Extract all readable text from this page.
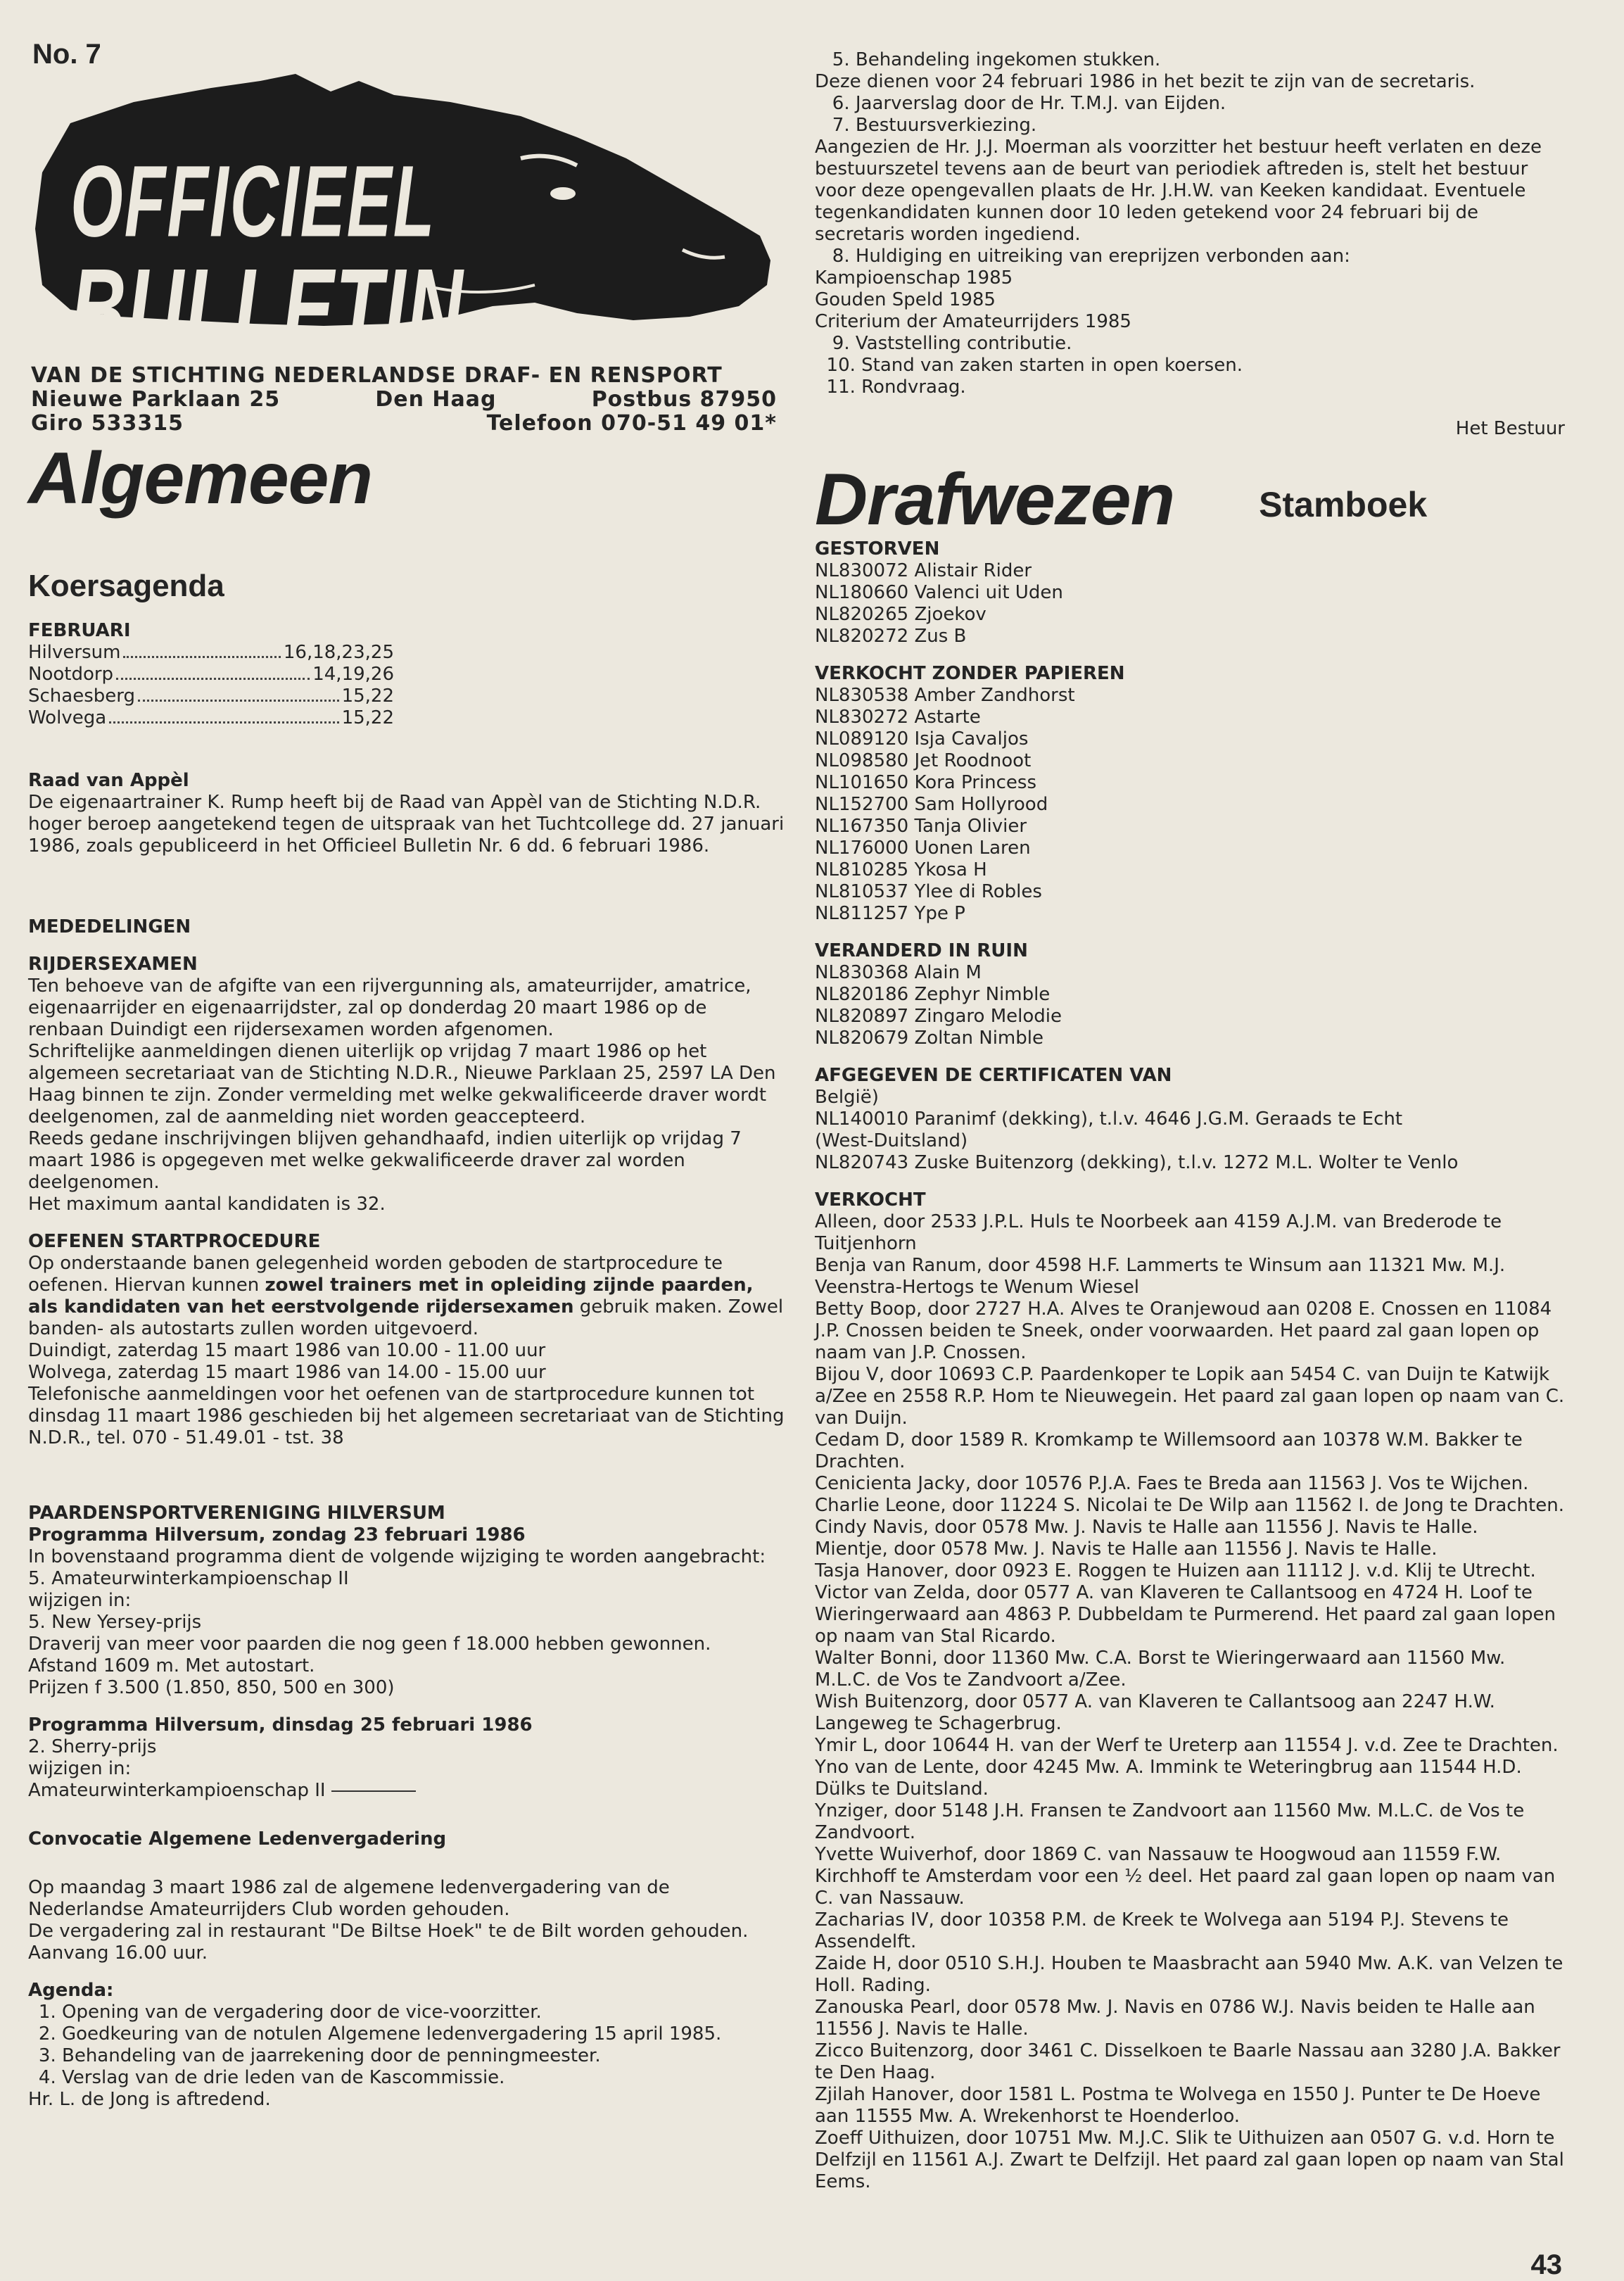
No. 7
OFFICIEEL
BULLETIN
VAN DE STICHTING NEDERLANDSE DRAF- EN RENSPORT
Nieuwe Parklaan 25	Den Haag	Postbus 87950
Giro 533315	Telefoon 070-51 49 01*
Algemeen
Koersagenda

FEBRUARI

Hilversum	16,18,23,25
Nootdorp	14,19,26
Schaesberg	15,22
Wolvega	15,22

Raad van Appèl

De eigenaartrainer K. Rump heeft bij de Raad van Appèl van de Stichting N.D.R. hoger beroep aangetekend tegen de uitspraak van het Tuchtcollege dd. 27 januari 1986, zoals gepubliceerd in het Officieel Bulletin Nr. 6 dd. 6 februari 1986.

MEDEDELINGEN

RIJDERSEXAMEN

Ten behoeve van de afgifte van een rijvergunning als, amateurrijder, amatrice, eigenaarrijder en eigenaarrijdster, zal op donderdag 20 maart 1986 op de renbaan Duindigt een rijdersexamen worden afgenomen.

Schriftelijke aanmeldingen dienen uiterlijk op vrijdag 7 maart 1986 op het algemeen secretariaat van de Stichting N.D.R., Nieuwe Parklaan 25, 2597 LA Den Haag binnen te zijn. Zonder vermelding met welke gekwalificeerde draver wordt deelgenomen, zal de aanmelding niet worden geaccepteerd.

Reeds gedane inschrijvingen blijven gehandhaafd, indien uiterlijk op vrijdag 7 maart 1986 is opgegeven met welke gekwalificeerde draver zal worden deelgenomen.

Het maximum aantal kandidaten is 32.

OEFENEN STARTPROCEDURE

Op onderstaande banen gelegenheid worden geboden de startprocedure te oefenen. Hiervan kunnen zowel trainers met in opleiding zijnde paarden, als kandidaten van het eerstvolgende rijdersexamen gebruik maken. Zowel banden- als autostarts zullen worden uitgevoerd.

Duindigt, zaterdag 15 maart 1986 van 10.00 - 11.00 uur

Wolvega, zaterdag 15 maart 1986 van 14.00 - 15.00 uur

Telefonische aanmeldingen voor het oefenen van de startprocedure kunnen tot dinsdag 11 maart 1986 geschieden bij het algemeen secretariaat van de Stichting N.D.R., tel. 070 - 51.49.01 - tst. 38

PAARDENSPORTVERENIGING HILVERSUM

Programma Hilversum, zondag 23 februari 1986

In bovenstaand programma dient de volgende wijziging te worden aangebracht:

5. Amateurwinterkampioenschap II

wijzigen in:

5. New Yersey-prijs

Draverij van meer voor paarden die nog geen f 18.000 hebben gewonnen.

Afstand 1609 m. Met autostart.

Prijzen f 3.500 (1.850, 850, 500 en 300)

Programma Hilversum, dinsdag 25 februari 1986

2. Sherry-prijs

wijzigen in:

Amateurwinterkampioenschap II

Convocatie Algemene Ledenvergadering

Op maandag 3 maart 1986 zal de algemene ledenvergadering van de Nederlandse Amateurrijders Club worden gehouden.

De vergadering zal in restaurant "De Biltse Hoek" te de Bilt worden gehouden.

Aanvang 16.00 uur.

Agenda:

1. Opening van de vergadering door de vice-voorzitter.
2. Goedkeuring van de notulen Algemene ledenvergadering 15 april 1985.
3. Behandeling van de jaarrekening door de penningmeester.
4. Verslag van de drie leden van de Kascommissie.

Hr. L. de Jong is aftredend.

5. Behandeling ingekomen stukken.

Deze dienen voor 24 februari 1986 in het bezit te zijn van de secretaris.

6. Jaarverslag door de Hr. T.M.J. van Eijden.

7. Bestuursverkiezing.

Aangezien de Hr. J.J. Moerman als voorzitter het bestuur heeft verlaten en deze bestuurszetel tevens aan de beurt van periodiek aftreden is, stelt het bestuur voor deze opengevallen plaats de Hr. J.H.W. van Keeken kandidaat. Eventuele tegenkandidaten kunnen door 10 leden getekend voor 24 februari bij de secretaris worden ingediend.

8. Huldiging en uitreiking van ereprijzen verbonden aan:

Kampioenschap 1985

Gouden Speld 1985

Criterium der Amateurrijders 1985

9. Vaststelling contributie.

10. Stand van zaken starten in open koersen.

11. Rondvraag.

Het Bestuur

Drafwezen Stamboek

GESTORVEN

NL830072 Alistair Rider

NL180660 Valenci uit Uden

NL820265 Zjoekov

NL820272 Zus B

VERKOCHT ZONDER PAPIEREN

NL830538 Amber Zandhorst

NL830272 Astarte

NL089120 Isja Cavaljos

NL098580 Jet Roodnoot

NL101650 Kora Princess

NL152700 Sam Hollyrood

NL167350 Tanja Olivier

NL176000 Uonen Laren

NL810285 Ykosa H

NL810537 Ylee di Robles

NL811257 Ype P

VERANDERD IN RUIN

NL830368 Alain M

NL820186 Zephyr Nimble

NL820897 Zingaro Melodie

NL820679 Zoltan Nimble

AFGEGEVEN DE CERTIFICATEN VAN

België)

NL140010 Paranimf (dekking), t.l.v. 4646 J.G.M. Geraads te Echt

(West-Duitsland)

NL820743 Zuske Buitenzorg (dekking), t.l.v. 1272 M.L. Wolter te Venlo

VERKOCHT

Alleen, door 2533 J.P.L. Huls te Noorbeek aan 4159 A.J.M. van Brederode te Tuitjenhorn

Benja van Ranum, door 4598 H.F. Lammerts te Winsum aan 11321 Mw. M.J. Veenstra-Hertogs te Wenum Wiesel

Betty Boop, door 2727 H.A. Alves te Oranjewoud aan 0208 E. Cnossen en 11084 J.P. Cnossen beiden te Sneek, onder voorwaarden. Het paard zal gaan lopen op naam van J.P. Cnossen.

Bijou V, door 10693 C.P. Paardenkoper te Lopik aan 5454 C. van Duijn te Katwijk a/Zee en 2558 R.P. Hom te Nieuwegein. Het paard zal gaan lopen op naam van C. van Duijn.

Cedam D, door 1589 R. Kromkamp te Willemsoord aan 10378 W.M. Bakker te Drachten.

Cenicienta Jacky, door 10576 P.J.A. Faes te Breda aan 11563 J. Vos te Wijchen.

Charlie Leone, door 11224 S. Nicolai te De Wilp aan 11562 I. de Jong te Drachten.

Cindy Navis, door 0578 Mw. J. Navis te Halle aan 11556 J. Navis te Halle.

Mientje, door 0578 Mw. J. Navis te Halle aan 11556 J. Navis te Halle.

Tasja Hanover, door 0923 E. Roggen te Huizen aan 11112 J. v.d. Klij te Utrecht.

Victor van Zelda, door 0577 A. van Klaveren te Callantsoog en 4724 H. Loof te Wieringerwaard aan 4863 P. Dubbeldam te Purmerend. Het paard zal gaan lopen op naam van Stal Ricardo.

Walter Bonni, door 11360 Mw. C.A. Borst te Wieringerwaard aan 11560 Mw. M.L.C. de Vos te Zandvoort a/Zee.

Wish Buitenzorg, door 0577 A. van Klaveren te Callantsoog aan 2247 H.W. Langeweg te Schagerbrug.

Ymir L, door 10644 H. van der Werf te Ureterp aan 11554 J. v.d. Zee te Drachten.

Yno van de Lente, door 4245 Mw. A. Immink te Weteringbrug aan 11544 H.D. Dülks te Duitsland.

Ynziger, door 5148 J.H. Fransen te Zandvoort aan 11560 Mw. M.L.C. de Vos te Zandvoort.

Yvette Wuiverhof, door 1869 C. van Nassauw te Hoogwoud aan 11559 F.W. Kirchhoff te Amsterdam voor een ½ deel. Het paard zal gaan lopen op naam van C. van Nassauw.

Zacharias IV, door 10358 P.M. de Kreek te Wolvega aan 5194 P.J. Stevens te Assendelft.

Zaide H, door 0510 S.H.J. Houben te Maasbracht aan 5940 Mw. A.K. van Velzen te Holl. Rading.

Zanouska Pearl, door 0578 Mw. J. Navis en 0786 W.J. Navis beiden te Halle aan 11556 J. Navis te Halle.

Zicco Buitenzorg, door 3461 C. Disselkoen te Baarle Nassau aan 3280 J.A. Bakker te Den Haag.

Zjilah Hanover, door 1581 L. Postma te Wolvega en 1550 J. Punter te De Hoeve aan 11555 Mw. A. Wrekenhorst te Hoenderloo.

Zoeff Uithuizen, door 10751 Mw. M.J.C. Slik te Uithuizen aan 0507 G. v.d. Horn te Delfzijl en 11561 A.J. Zwart te Delfzijl. Het paard zal gaan lopen op naam van Stal Eems.

43
